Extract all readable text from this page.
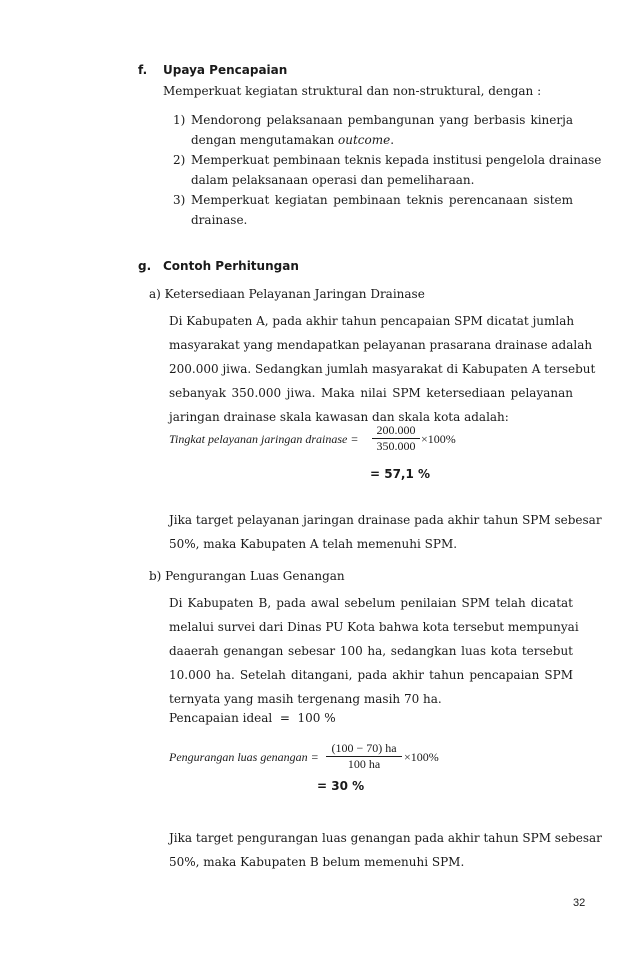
f. Upaya Pencapaian
Memperkuat kegiatan struktural dan non-struktural, dengan :
1) Mendorong pelaksanaan pembangunan yang berbasis kinerja
dengan mengutamakan outcome.
2) Memperkuat pembinaan teknis kepada institusi pengelola drainase
dalam pelaksanaan operasi dan pemeliharaan.
3) Memperkuat kegiatan pembinaan teknis perencanaan sistem
drainase.
g. Contoh Perhitungan
a) Ketersediaan Pelayanan Jaringan Drainase
Di Kabupaten A, pada akhir tahun pencapaian SPM dicatat jumlah
masyarakat yang mendapatkan pelayanan prasarana drainase adalah
200.000 jiwa. Sedangkan jumlah masyarakat di Kabupaten A tersebut
sebanyak 350.000 jiwa. Maka nilai SPM ketersediaan pelayanan
jaringan drainase skala kawasan dan skala kota adalah:
Tingkat pelayanan jaringan drainase =
200.000
350.000 ×100%
= 57,1 %
Jika target pelayanan jaringan drainase pada akhir tahun SPM sebesar
50%, maka Kabupaten A telah memenuhi SPM.
b) Pengurangan Luas Genangan
Di Kabupaten B, pada awal sebelum penilaian SPM telah dicatat
melalui survei dari Dinas PU Kota bahwa kota tersebut mempunyai
daaerah genangan sebesar 100 ha, sedangkan luas kota tersebut
10.000 ha. Setelah ditangani, pada akhir tahun pencapaian SPM
ternyata yang masih tergenang masih 70 ha.
Pencapaian ideal  =  100 %
Pengurangan luas genangan =
(100 − 70) ha
100 ha ×100%
= 30 %
Jika target pengurangan luas genangan pada akhir tahun SPM sebesar
50%, maka Kabupaten B belum memenuhi SPM.
32
